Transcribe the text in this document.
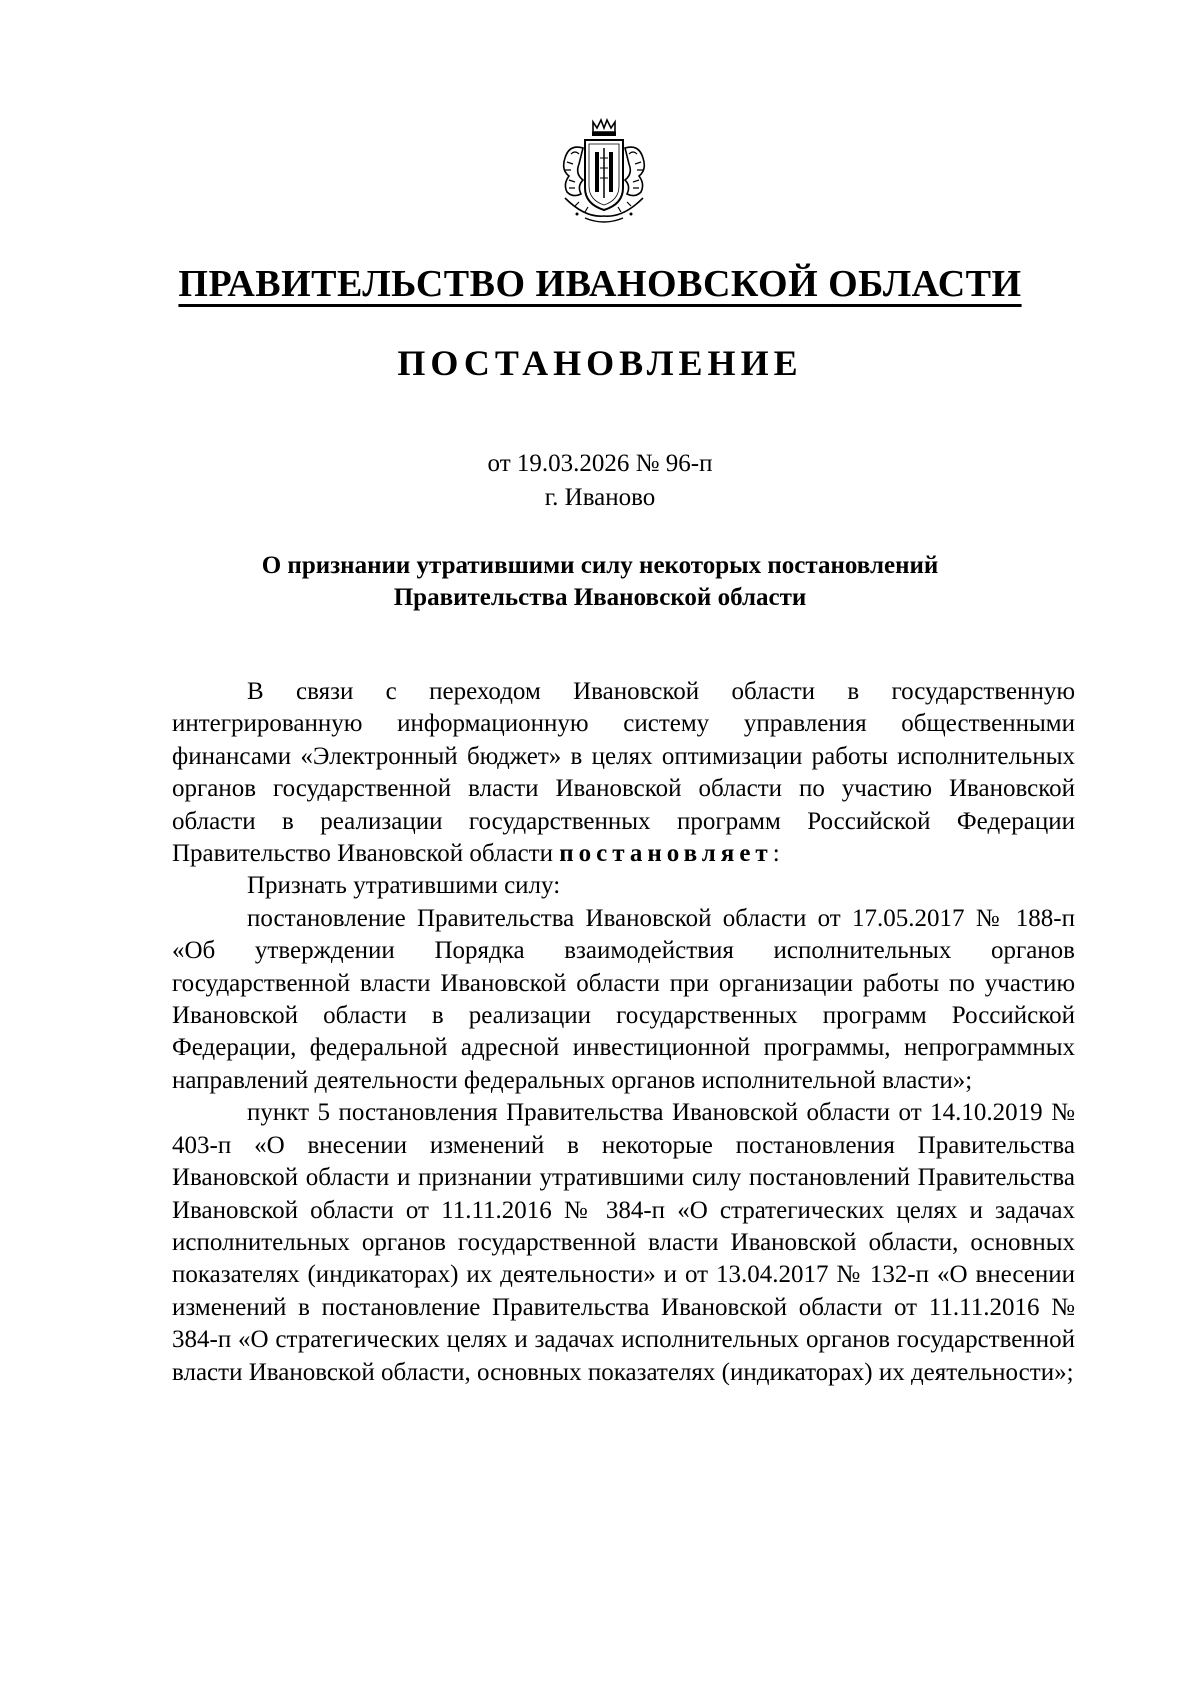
ПРАВИТЕЛЬСТВО ИВАНОВСКОЙ ОБЛАСТИ
ПОСТАНОВЛЕНИЕ
от 19.03.2026 № 96-п
г. Иваново
О признании утратившими силу некоторых постановлений
Правительства Ивановской области

В связи с переходом Ивановской области в государственную интегрированную информационную систему управления общественными финансами «Электронный бюджет» в целях оптимизации работы исполнительных органов государственной власти Ивановской области по участию Ивановской области в реализации государственных программ Российской Федерации Правительство Ивановской области постановляет:

Признать утратившими силу:

постановление Правительства Ивановской области от 17.05.2017 № 188-п «Об утверждении Порядка взаимодействия исполнительных органов государственной власти Ивановской области при организации работы по участию Ивановской области в реализации государственных программ Российской Федерации, федеральной адресной инвестиционной программы, непрограммных направлений деятельности федеральных органов исполнительной власти»;

пункт 5 постановления Правительства Ивановской области от 14.10.2019 № 403-п «О внесении изменений в некоторые постановления Правительства Ивановской области и признании утратившими силу постановлений Правительства Ивановской области от 11.11.2016 № 384-п «О стратегических целях и задачах исполнительных органов государственной власти Ивановской области, основных показателях (индикаторах) их деятельности» и от 13.04.2017 № 132-п «О внесении изменений в постановление Правительства Ивановской области от 11.11.2016 № 384-п «О стратегических целях и задачах исполнительных органов государственной власти Ивановской области, основных показателях (индикаторах) их деятельности»;
